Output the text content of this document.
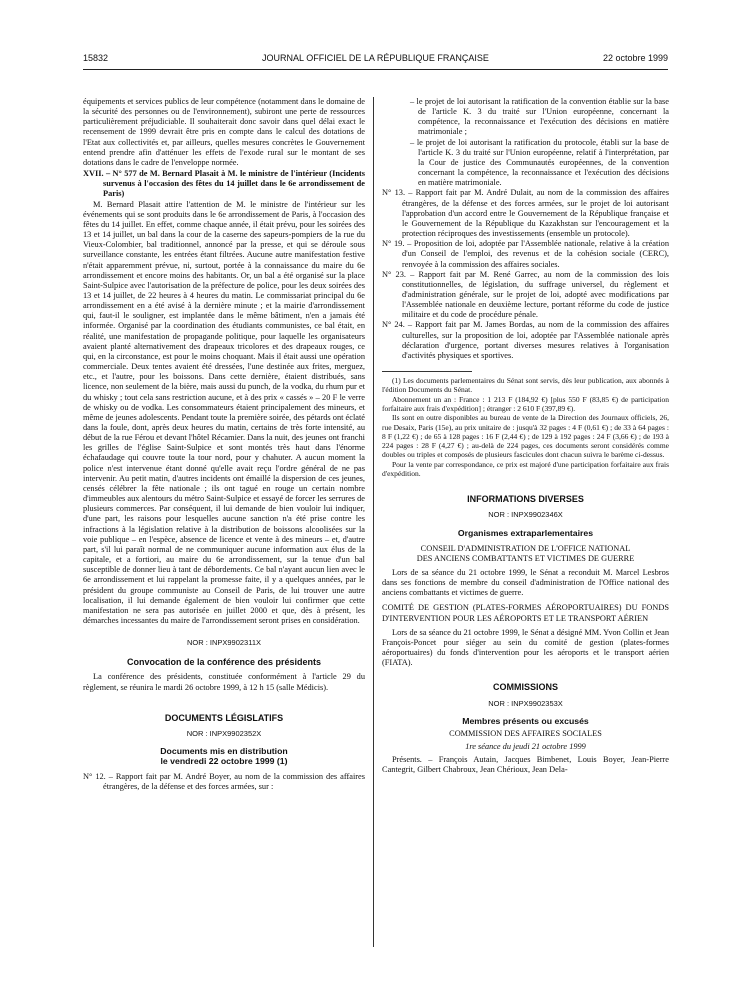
15832	JOURNAL OFFICIEL DE LA RÉPUBLIQUE FRANÇAISE	22 octobre 1999

équipements et services publics de leur compétence (notamment dans le domaine de la sécurité des personnes ou de l'environnement), subiront une perte de ressources particulièrement préjudiciable. Il souhaiterait donc savoir dans quel délai exact le recensement de 1999 devrait être pris en compte dans le calcul des dotations de l'Etat aux collectivités et, par ailleurs, quelles mesures concrètes le Gouvernement entend prendre afin d'atténuer les effets de l'exode rural sur le montant de ses dotations dans le cadre de l'enveloppe normée.

XVII. – N° 577 de M. Bernard Plasait à M. le ministre de l'intérieur (Incidents survenus à l'occasion des fêtes du 14 juillet dans le 6e arrondissement de Paris)

M. Bernard Plasait attire l'attention de M. le ministre de l'intérieur sur les événements qui se sont produits dans le 6e arrondissement de Paris, à l'occasion des fêtes du 14 juillet. En effet, comme chaque année, il était prévu, pour les soirées des 13 et 14 juillet, un bal dans la cour de la caserne des sapeurs-pompiers de la rue du Vieux-Colombier, bal traditionnel, annoncé par la presse, et qui se déroule sous surveillance constante, les entrées étant filtrées. Aucune autre manifestation festive n'était apparemment prévue, ni, surtout, portée à la connaissance du maire du 6e arrondissement et encore moins des habitants. Or, un bal a été organisé sur la place Saint-Sulpice avec l'autorisation de la préfecture de police, pour les deux soirées des 13 et 14 juillet, de 22 heures à 4 heures du matin. Le commissariat principal du 6e arrondissement en a été avisé à la dernière minute ; et la mairie d'arrondissement qui, faut-il le souligner, est implantée dans le même bâtiment, n'en a jamais été informée. Organisé par la coordination des étudiants communistes, ce bal était, en réalité, une manifestation de propagande politique, pour laquelle les organisateurs avaient planté alternativement des drapeaux tricolores et des drapeaux rouges, ce qui, en la circonstance, est pour le moins choquant. Mais il était aussi une opération commerciale. Deux tentes avaient été dressées, l'une destinée aux frites, merguez, etc., et l'autre, pour les boissons. Dans cette dernière, étaient distribués, sans licence, non seulement de la bière, mais aussi du punch, de la vodka, du rhum pur et du whisky ; tout cela sans restriction aucune, et à des prix « cassés » – 20 F le verre de whisky ou de vodka. Les consommateurs étaient principalement des mineurs, et même de jeunes adolescents. Pendant toute la première soirée, des pétards ont éclaté dans la foule, dont, après deux heures du matin, certains de très forte intensité, au début de la rue Férou et devant l'hôtel Récamier. Dans la nuit, des jeunes ont franchi les grilles de l'église Saint-Sulpice et sont montés très haut dans l'énorme échafaudage qui couvre toute la tour nord, pour y chahuter. A aucun moment la police n'est intervenue étant donné qu'elle avait reçu l'ordre général de ne pas intervenir. Au petit matin, d'autres incidents ont émaillé la dispersion de ces jeunes, censés célébrer la fête nationale ; ils ont tagué en rouge un certain nombre d'immeubles aux alentours du métro Saint-Sulpice et essayé de forcer les serrures de plusieurs commerces. Par conséquent, il lui demande de bien vouloir lui indiquer, d'une part, les raisons pour lesquelles aucune sanction n'a été prise contre les infractions à la législation relative à la distribution de boissons alcoolisées sur la voie publique – en l'espèce, absence de licence et vente à des mineurs – et, d'autre part, s'il lui paraît normal de ne communiquer aucune information aux élus de la capitale, et a fortiori, au maire du 6e arrondissement, sur la tenue d'un bal susceptible de donner lieu à tant de débordements. Ce bal n'ayant aucun lien avec le 6e arrondissement et lui rappelant la promesse faite, il y a quelques années, par le président du groupe communiste au Conseil de Paris, de lui trouver une autre localisation, il lui demande également de bien vouloir lui confirmer que cette manifestation ne sera pas autorisée en juillet 2000 et que, dès à présent, les démarches incessantes du maire de l'arrondissement seront prises en considération.

NOR : INPX9902311X
Convocation de la conférence des présidents

La conférence des présidents, constituée conformément à l'article 29 du règlement, se réunira le mardi 26 octobre 1999, à 12 h 15 (salle Médicis).

DOCUMENTS LÉGISLATIFS
NOR : INPX9902352X
Documents mis en distribution
le vendredi 22 octobre 1999 (1)

N° 12. – Rapport fait par M. André Boyer, au nom de la commission des affaires étrangères, de la défense et des forces armées, sur :

– le projet de loi autorisant la ratification de la convention établie sur la base de l'article K. 3 du traité sur l'Union européenne, concernant la compétence, la reconnaissance et l'exécution des décisions en matière matrimoniale ;

– le projet de loi autorisant la ratification du protocole, établi sur la base de l'article K. 3 du traité sur l'Union européenne, relatif à l'interprétation, par la Cour de justice des Communautés européennes, de la convention concernant la compétence, la reconnaissance et l'exécution des décisions en matière matrimoniale.

N° 13. – Rapport fait par M. André Dulait, au nom de la commission des affaires étrangères, de la défense et des forces armées, sur le projet de loi autorisant l'approbation d'un accord entre le Gouvernement de la République française et le Gouvernement de la République du Kazakhstan sur l'encouragement et la protection réciproques des investissements (ensemble un protocole).

N° 19. – Proposition de loi, adoptée par l'Assemblée nationale, relative à la création d'un Conseil de l'emploi, des revenus et de la cohésion sociale (CERC), renvoyée à la commission des affaires sociales.

N° 23. – Rapport fait par M. René Garrec, au nom de la commission des lois constitutionnelles, de législation, du suffrage universel, du règlement et d'administration générale, sur le projet de loi, adopté avec modifications par l'Assemblée nationale en deuxième lecture, portant réforme du code de justice militaire et du code de procédure pénale.

N° 24. – Rapport fait par M. James Bordas, au nom de la commission des affaires culturelles, sur la proposition de loi, adoptée par l'Assemblée nationale après déclaration d'urgence, portant diverses mesures relatives à l'organisation d'activités physiques et sportives.

(1) Les documents parlementaires du Sénat sont servis, dès leur publication, aux abonnés à l'édition Documents du Sénat.

Abonnement un an : France : 1 213 F (184,92 €) [plus 550 F (83,85 €) de participation forfaitaire aux frais d'expédition] ; étranger : 2 610 F (397,89 €).

Ils sont en outre disponibles au bureau de vente de la Direction des Journaux officiels, 26, rue Desaix, Paris (15e), au prix unitaire de : jusqu'à 32 pages : 4 F (0,61 €) ; de 33 à 64 pages : 8 F (1,22 €) ; de 65 à 128 pages : 16 F (2,44 €) ; de 129 à 192 pages : 24 F (3,66 €) ; de 193 à 224 pages : 28 F (4,27 €) ; au-delà de 224 pages, ces documents seront considérés comme doubles ou triples et composés de plusieurs fascicules dont chacun suivra le barème ci-dessus.

Pour la vente par correspondance, ce prix est majoré d'une participation forfaitaire aux frais d'expédition.

INFORMATIONS DIVERSES
NOR : INPX9902346X
Organismes extraparlementaires
CONSEIL D'ADMINISTRATION DE L'OFFICE NATIONAL
DES ANCIENS COMBATTANTS ET VICTIMES DE GUERRE

Lors de sa séance du 21 octobre 1999, le Sénat a reconduit M. Marcel Lesbros dans ses fonctions de membre du conseil d'administration de l'Office national des anciens combattants et victimes de guerre.

COMITÉ DE GESTION (PLATES-FORMES AÉROPORTUAIRES) DU FONDS D'INTERVENTION POUR LES AÉROPORTS ET LE TRANSPORT AÉRIEN

Lors de sa séance du 21 octobre 1999, le Sénat a désigné MM. Yvon Collin et Jean François-Poncet pour siéger au sein du comité de gestion (plates-formes aéroportuaires) du fonds d'intervention pour les aéroports et le transport aérien (FIATA).

COMMISSIONS
NOR : INPX9902353X
Membres présents ou excusés
COMMISSION DES AFFAIRES SOCIALES
1re séance du jeudi 21 octobre 1999

Présents. – François Autain, Jacques Bimbenet, Louis Boyer, Jean-Pierre Cantegrit, Gilbert Chabroux, Jean Chérioux, Jean Dela-
